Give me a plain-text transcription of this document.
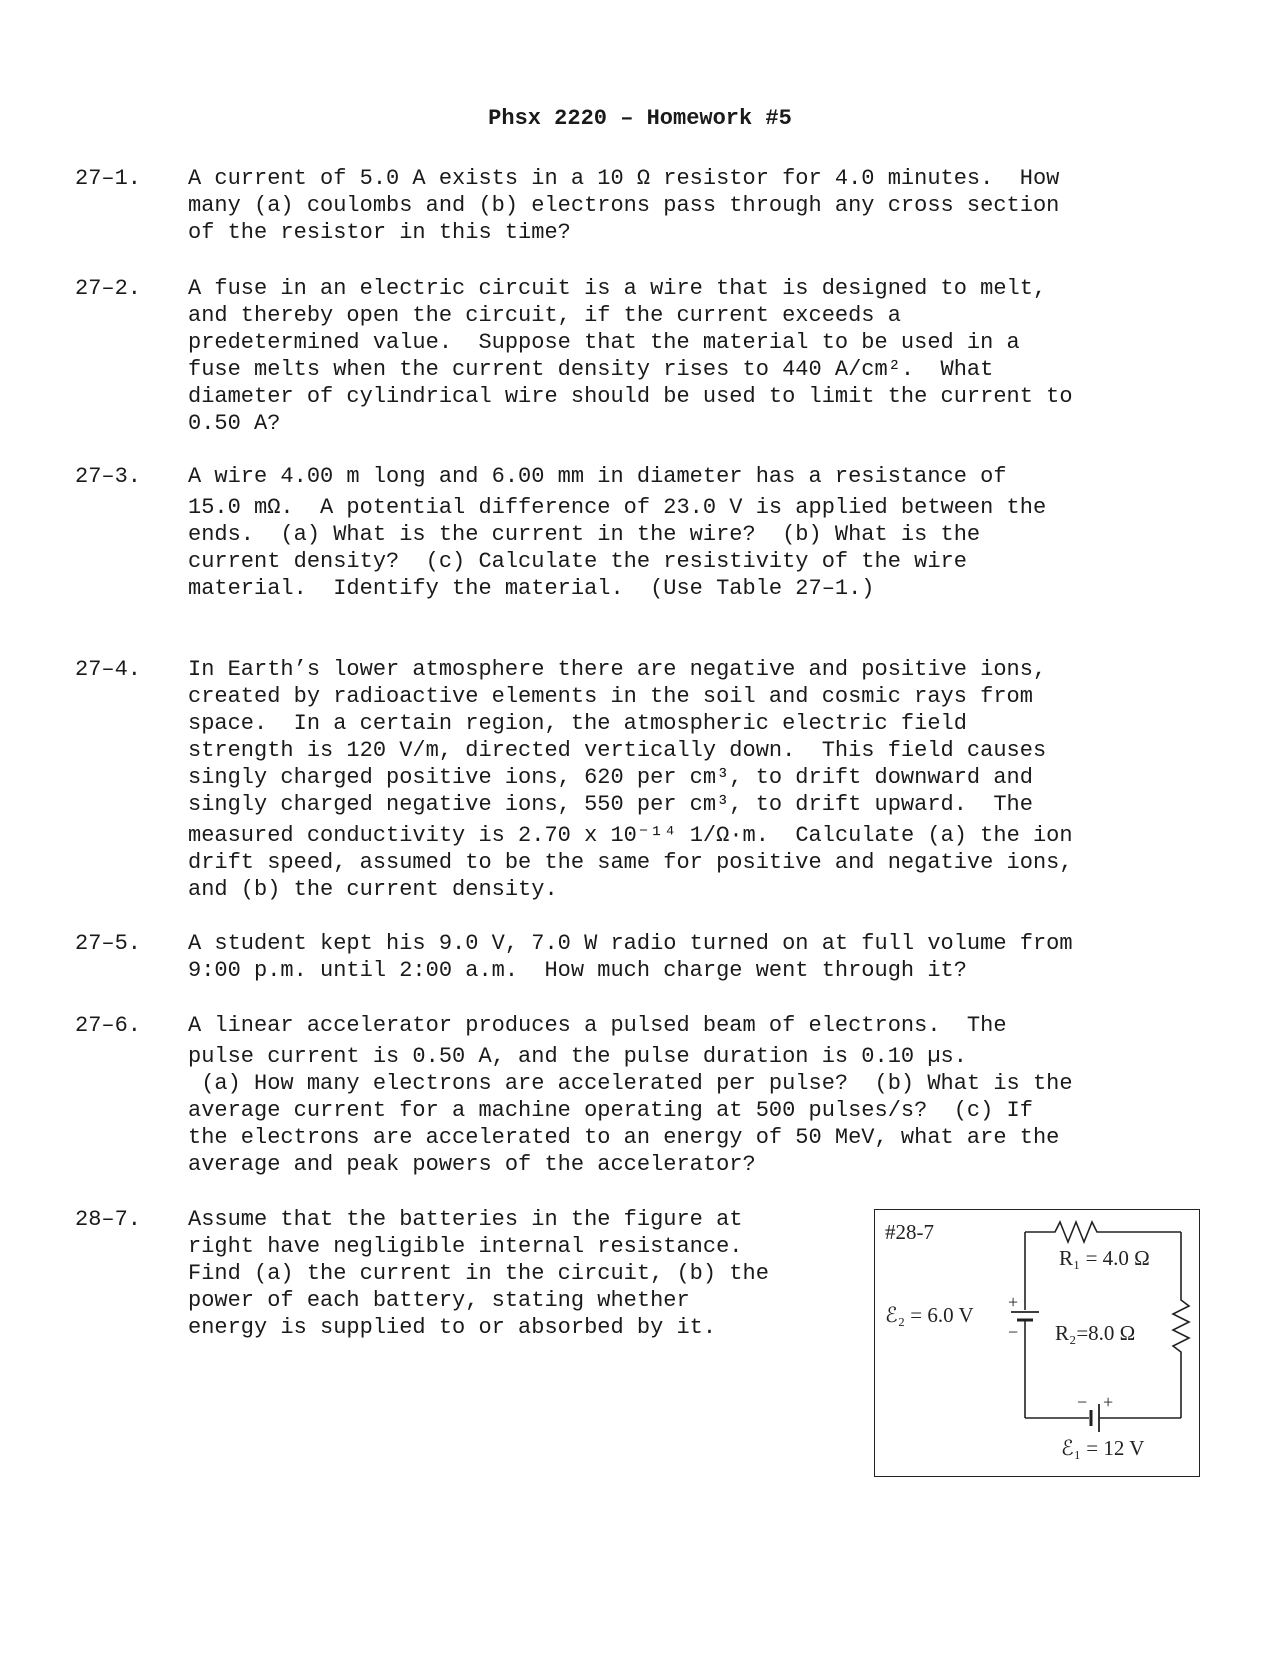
Phsx 2220 – Homework #5
27–1. A current of 5.0 A exists in a 10 Ω resistor for 4.0 minutes.  How
many (a) coulombs and (b) electrons pass through any cross section
of the resistor in this time?
27–2. A fuse in an electric circuit is a wire that is designed to melt,
and thereby open the circuit, if the current exceeds a
predetermined value.  Suppose that the material to be used in a
fuse melts when the current density rises to 440 A/cm².  What
diameter of cylindrical wire should be used to limit the current to
0.50 A?
27–3. A wire 4.00 m long and 6.00 mm in diameter has a resistance of
15.0 mΩ.  A potential difference of 23.0 V is applied between the
ends.  (a) What is the current in the wire?  (b) What is the
current density?  (c) Calculate the resistivity of the wire
material.  Identify the material.  (Use Table 27–1.)
27–4. In Earth’s lower atmosphere there are negative and positive ions,
created by radioactive elements in the soil and cosmic rays from
space.  In a certain region, the atmospheric electric field
strength is 120 V/m, directed vertically down.  This field causes
singly charged positive ions, 620 per cm³, to drift downward and
singly charged negative ions, 550 per cm³, to drift upward.  The
measured conductivity is 2.70 x 10⁻¹⁴ 1/Ω·m.  Calculate (a) the ion
drift speed, assumed to be the same for positive and negative ions,
and (b) the current density.
27–5. A student kept his 9.0 V, 7.0 W radio turned on at full volume from
9:00 p.m. until 2:00 a.m.  How much charge went through it?
27–6. A linear accelerator produces a pulsed beam of electrons.  The
pulse current is 0.50 A, and the pulse duration is 0.10 µs.
(a) How many electrons are accelerated per pulse?  (b) What is the
average current for a machine operating at 500 pulses/s?  (c) If
the electrons are accelerated to an energy of 50 MeV, what are the
average and peak powers of the accelerator?
28–7. Assume that the batteries in the figure at
right have negligible internal resistance.
Find (a) the current in the circuit, (b) the
power of each battery, stating whether
energy is supplied to or absorbed by it.
#28-7
R₁ = 4.0 Ω
+
−
ℰ₂ = 6.0 V
− +
ℰ₁ = 12 V
R₂=8.0 Ω
